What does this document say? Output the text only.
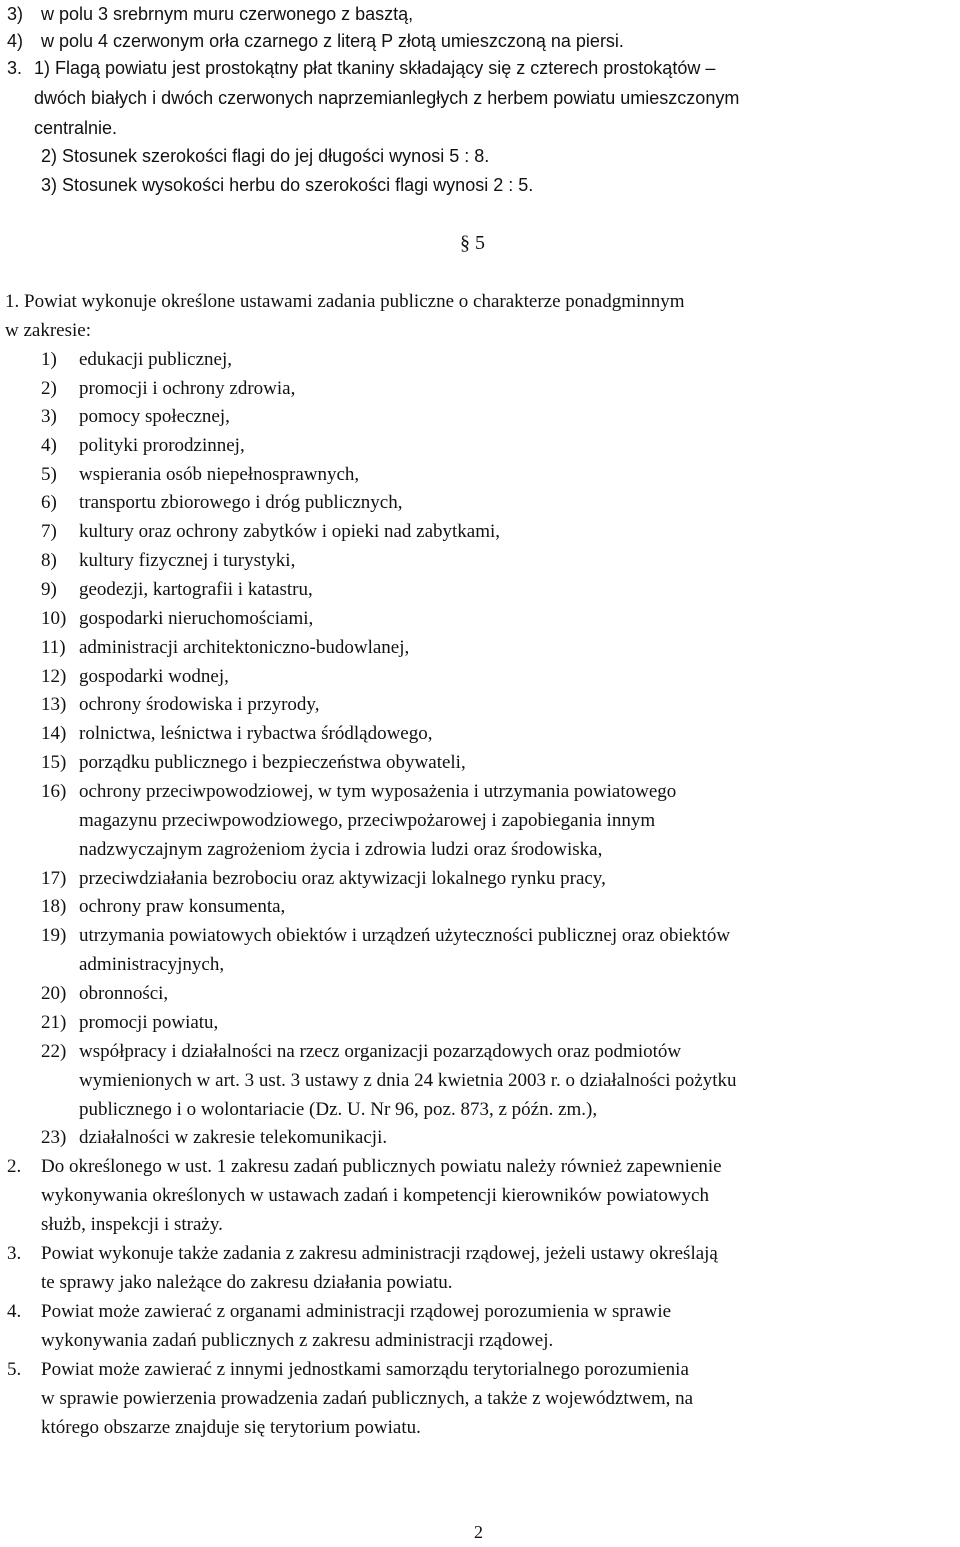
3) w polu 3 srebrnym muru czerwonego z basztą,
4) w polu 4 czerwonym orła czarnego z literą P złotą umieszczoną na piersi.
3. 1) Flagą powiatu jest prostokątny płat tkaniny składający się z czterech prostokątów –
dwóch białych i dwóch czerwonych naprzemianległych z herbem powiatu umieszczonym
centralnie.
2) Stosunek szerokości flagi do jej długości wynosi 5 : 8.
3) Stosunek wysokości herbu do szerokości flagi wynosi 2 : 5.
§ 5
1. Powiat wykonuje określone ustawami zadania publiczne o charakterze ponadgminnym
w zakresie:
1) edukacji publicznej,
2) promocji i ochrony zdrowia,
3) pomocy społecznej,
4) polityki prorodzinnej,
5) wspierania osób niepełnosprawnych,
6) transportu zbiorowego i dróg publicznych,
7) kultury oraz ochrony zabytków i opieki nad zabytkami,
8) kultury fizycznej i turystyki,
9) geodezji, kartografii i katastru,
10) gospodarki nieruchomościami,
11) administracji architektoniczno-budowlanej,
12) gospodarki wodnej,
13) ochrony środowiska i przyrody,
14) rolnictwa, leśnictwa i rybactwa śródlądowego,
15) porządku publicznego i bezpieczeństwa obywateli,
16) ochrony przeciwpowodziowej, w tym wyposażenia i utrzymania powiatowego
magazynu przeciwpowodziowego, przeciwpożarowej i zapobiegania innym
nadzwyczajnym zagrożeniom życia i zdrowia ludzi oraz środowiska,
17) przeciwdziałania bezrobociu oraz aktywizacji lokalnego rynku pracy,
18) ochrony praw konsumenta,
19) utrzymania powiatowych obiektów i urządzeń użyteczności publicznej oraz obiektów
administracyjnych,
20) obronności,
21) promocji powiatu,
22) współpracy i działalności na rzecz organizacji pozarządowych oraz podmiotów
wymienionych w art. 3 ust. 3 ustawy z dnia 24 kwietnia 2003 r. o działalności pożytku
publicznego i o wolontariacie (Dz. U. Nr 96, poz. 873, z późn. zm.),
23) działalności w zakresie telekomunikacji.
2. Do określonego w ust. 1 zakresu zadań publicznych powiatu należy również zapewnienie
wykonywania określonych w ustawach zadań i kompetencji kierowników powiatowych
służb, inspekcji i straży.
3. Powiat wykonuje także zadania z zakresu administracji rządowej, jeżeli ustawy określają
te sprawy jako należące do zakresu działania powiatu.
4. Powiat może zawierać z organami administracji rządowej porozumienia w sprawie
wykonywania zadań publicznych z zakresu administracji rządowej.
5. Powiat może zawierać z innymi jednostkami samorządu terytorialnego porozumienia
w sprawie powierzenia prowadzenia zadań publicznych, a także z województwem, na
którego obszarze znajduje się terytorium powiatu.
2
